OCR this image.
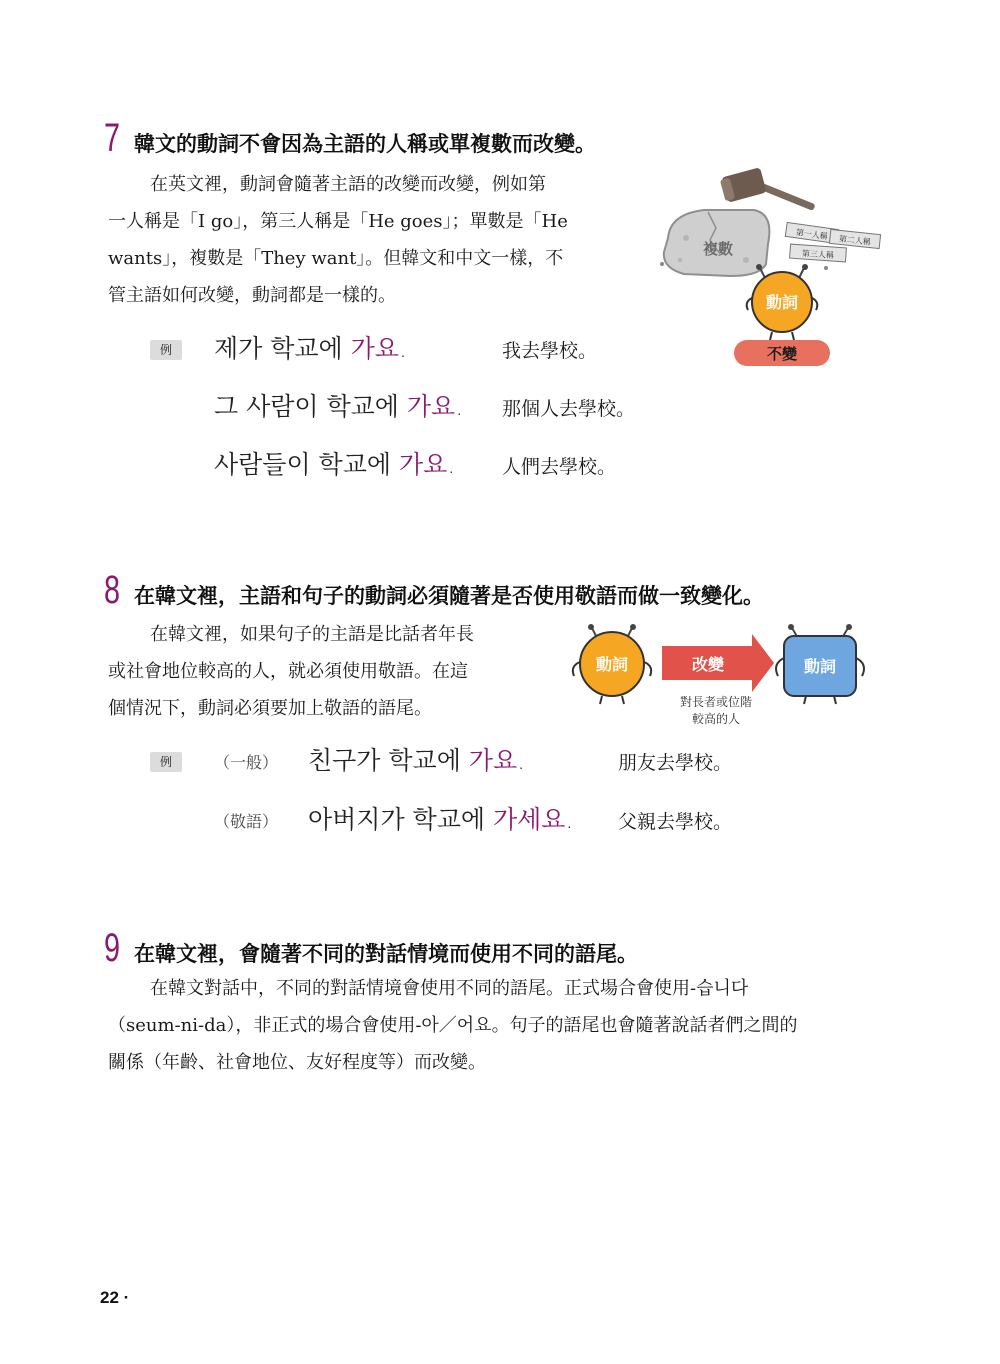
7 韓文的動詞不會因為主語的人稱或單複數而改變。
在英文裡，動詞會隨著主語的改變而改變，例如第
一人稱是「I go」，第三人稱是「He goes」；單數是「He
wants」，複數是「They want」。但韓文和中文一樣，不
管主語如何改變，動詞都是一樣的。
例	제가 학교에 가요.	我去學校。
그 사람이 학교에 가요. 那個人去學校。
사람들이 학교에 가요. 人們去學校。
複數
第一人稱 第二人稱
第三人稱
動詞
不變
8 在韓文裡，主語和句子的動詞必須隨著是否使用敬語而做一致變化。
在韓文裡，如果句子的主語是比話者年長
或社會地位較高的人，就必須使用敬語。在這
個情況下，動詞必須要加上敬語的語尾。
動詞	改變
對長者或位階
較高的人
動詞
例	（一般） 친구가 학교에 가요.	朋友去學校。
（敬語） 아버지가 학교에 가세요. 父親去學校。
9 在韓文裡，會隨著不同的對話情境而使用不同的語尾。
在韓文對話中，不同的對話情境會使用不同的語尾。正式場合會使用-습니다
（seum-ni-da），非正式的場合會使用-아／어요。句子的語尾也會隨著說話者們之間的
關係（年齡、社會地位、友好程度等）而改變。
22 ·
